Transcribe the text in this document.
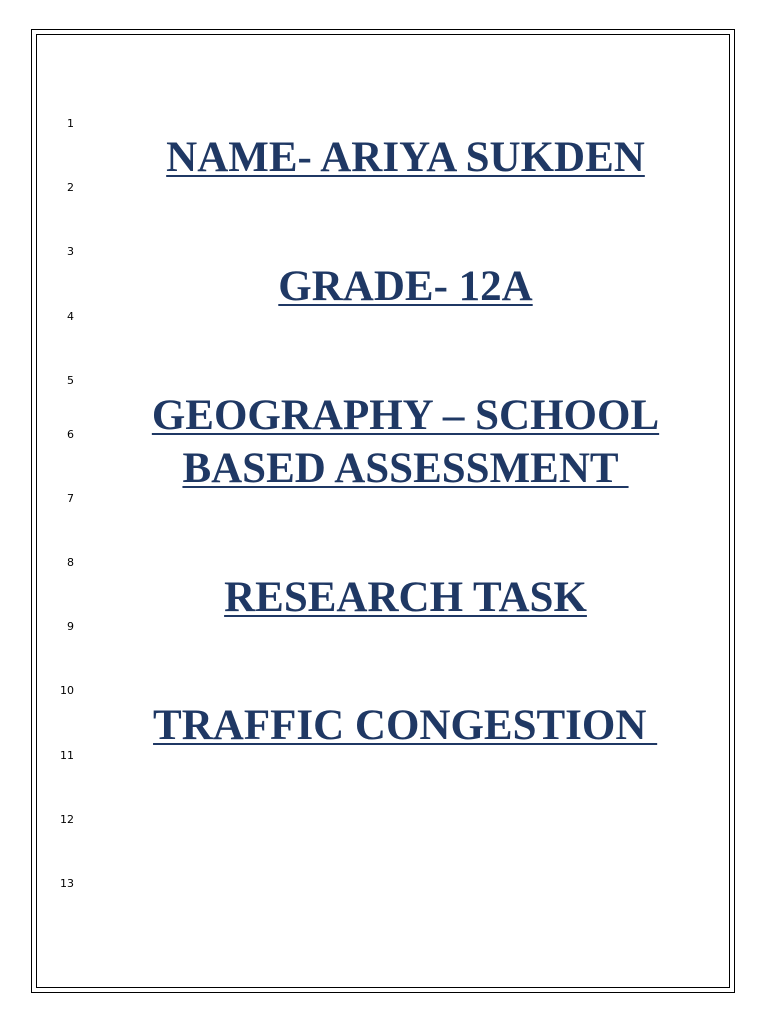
1
2
3
4
5
6
7
8
9
10
11
12
13

NAME- ARIYA SUKDEN

GRADE- 12A

GEOGRAPHY – SCHOOL

BASED ASSESSMENT

RESEARCH TASK

TRAFFIC CONGESTION
